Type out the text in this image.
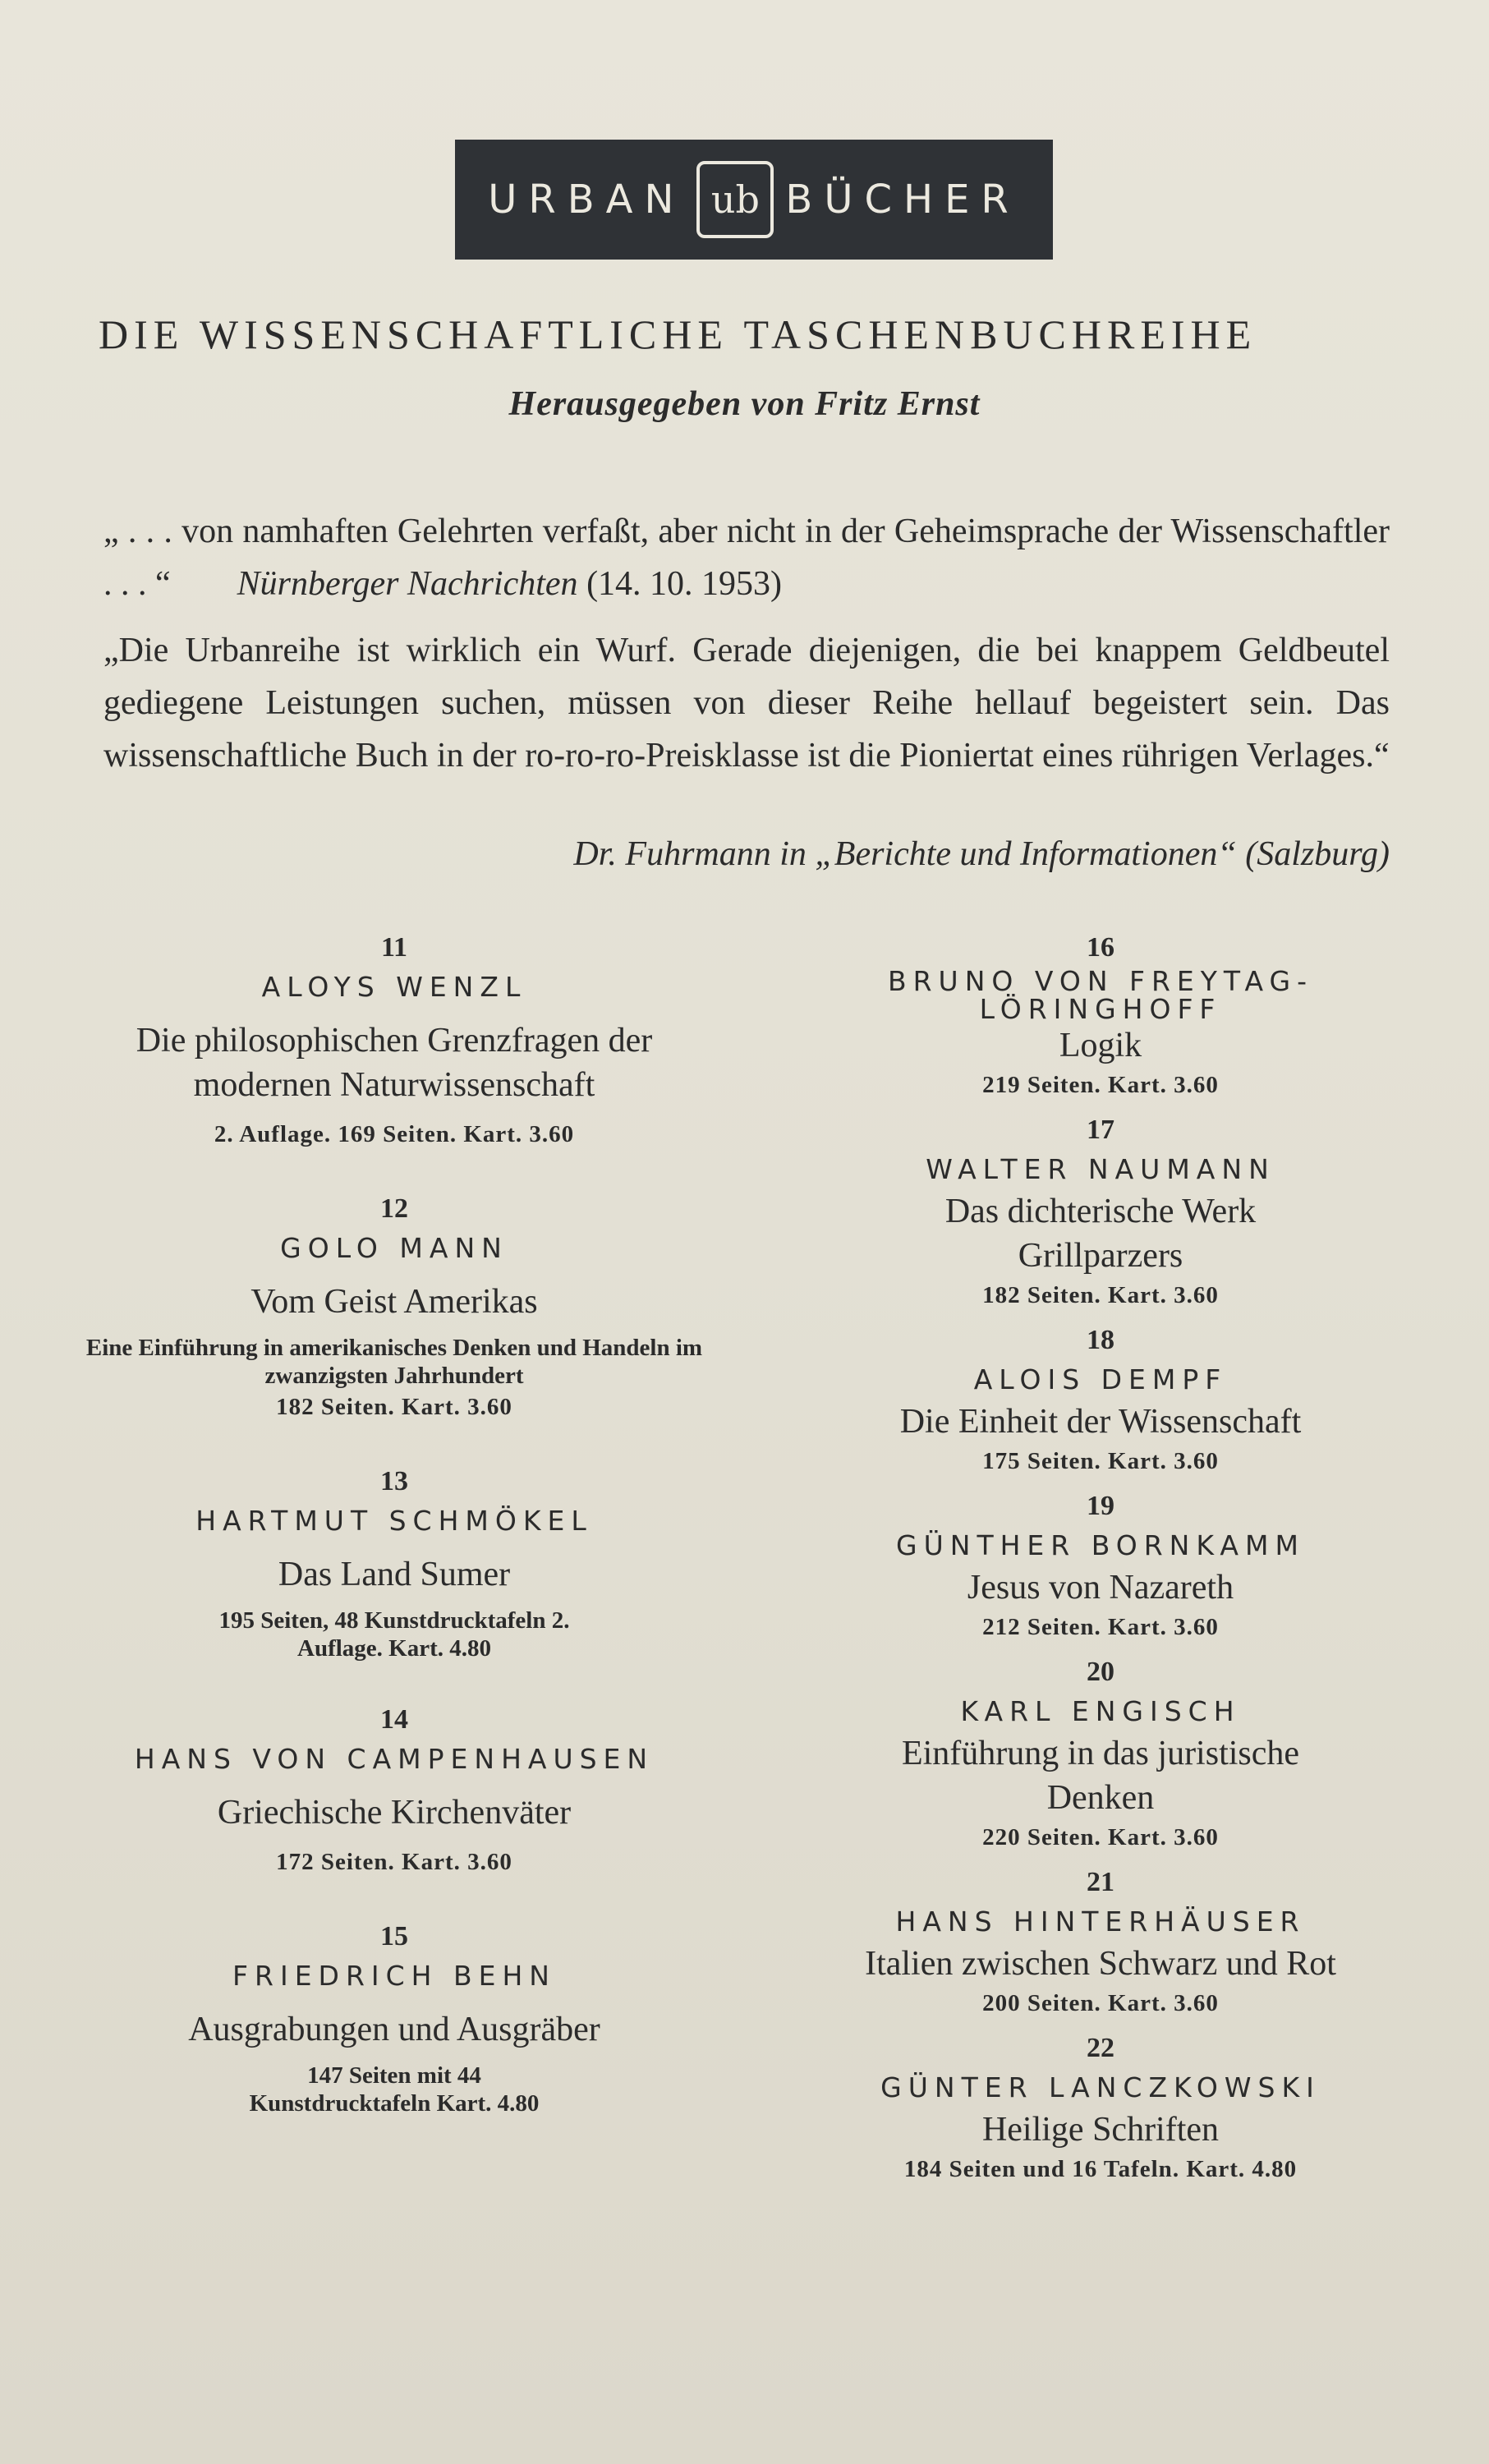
URBAN ub BÜCHER
DIE WISSENSCHAFTLICHE TASCHENBUCHREIHE
Herausgegeben von Fritz Ernst
„ . . . von namhaften Gelehrten verfaßt, aber nicht in der Geheimsprache der Wissenschaftler . . . “ Nürnberger Nachrichten (14. 10. 1953)
„Die Urbanreihe ist wirklich ein Wurf. Gerade diejenigen, die bei knappem Geldbeutel gediegene Leistungen suchen, müssen von dieser Reihe hellauf begeistert sein. Das wissenschaftliche Buch in der ro-ro-ro-Preisklasse ist die Pioniertat eines rührigen Verlages.“
Dr. Fuhrmann in „Berichte und Informationen“ (Salzburg)
11
ALOYS WENZL
Die philosophischen Grenzfragen der modernen Naturwissenschaft
2. Auflage. 169 Seiten. Kart. 3.60
12
GOLO MANN
Vom Geist Amerikas
Eine Einführung in amerikanisches Denken und Handeln im zwanzigsten Jahrhundert
182 Seiten. Kart. 3.60
13
HARTMUT SCHMÖKEL
Das Land Sumer
195 Seiten, 48 Kunstdrucktafeln 2. Auflage. Kart. 4.80
14
HANS VON CAMPENHAUSEN
Griechische Kirchenväter
172 Seiten. Kart. 3.60
15
FRIEDRICH BEHN
Ausgrabungen und Ausgräber
147 Seiten mit 44 Kunstdrucktafeln Kart. 4.80
16
BRUNO VON FREYTAG-LÖRINGHOFF
Logik
219 Seiten. Kart. 3.60
17
WALTER NAUMANN
Das dichterische Werk Grillparzers
182 Seiten. Kart. 3.60
18
ALOIS DEMPF
Die Einheit der Wissenschaft
175 Seiten. Kart. 3.60
19
GÜNTHER BORNKAMM
Jesus von Nazareth
212 Seiten. Kart. 3.60
20
KARL ENGISCH
Einführung in das juristische Denken
220 Seiten. Kart. 3.60
21
HANS HINTERHÄUSER
Italien zwischen Schwarz und Rot
200 Seiten. Kart. 3.60
22
GÜNTER LANCZKOWSKI
Heilige Schriften
184 Seiten und 16 Tafeln. Kart. 4.80
